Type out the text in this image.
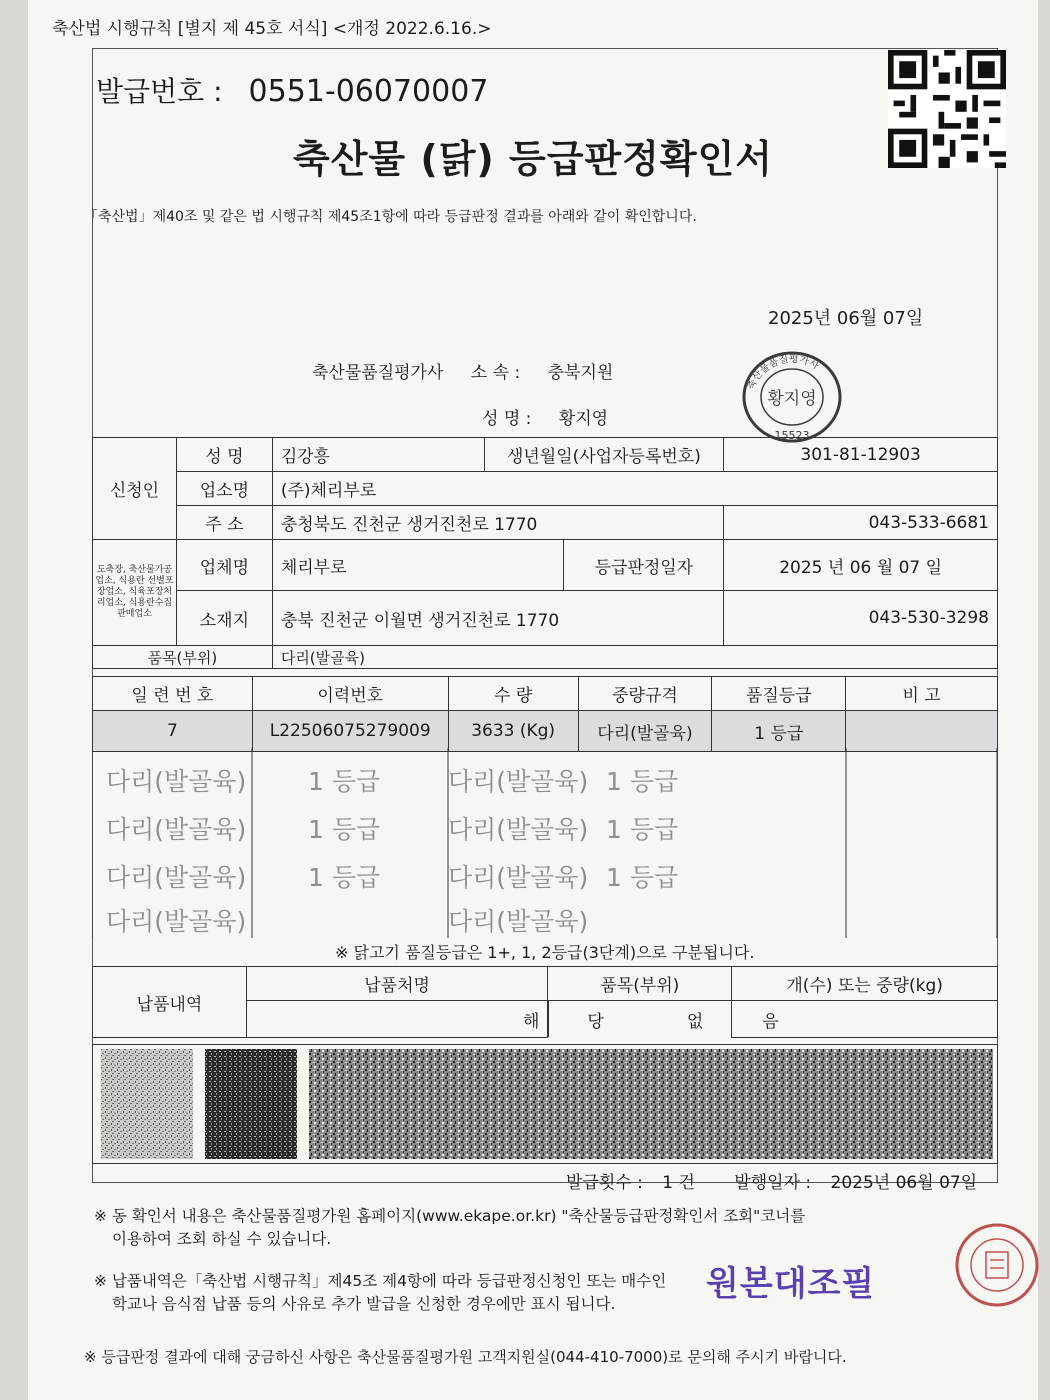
축산법 시행규칙 [별지 제 45호 서식] <개정 2022.6.16.>
발급번호 : 0551-06070007
축산물 (닭) 등급판정확인서
「축산법」제40조 및 같은 법 시행규칙 제45조1항에 따라 등급판정 결과를 아래와 같이 확인합니다.
2025년 06월 07일
축산물품질평가사 소 속 : 충북지원
성 명 : 황지영
축산물품질평가사
황지영
15523
신청인	성 명	김강흥	생년월일(사업자등록번호)		301-81-12903
	업소명	(주)체리부로			
	주 소	충청북도 진천군 생거진천로 1770			043-533-6681
도축장, 축산물가공업소, 식용란 선별포장업소, 식육포장처리업소, 식용란수집판매업소	업체명	체리부로		등급판정일자	2025 년 06 월 07 일
	소재지	충북 진천군 이월면 생거진천로 1770			043-530-3298
품목(부위)		다리(발골육)			
일 련 번 호	이력번호	수 량	중량규격	품질등급	비 고
7	L22506075279009	3633 (Kg)	다리(발골육)	1 등급	
다리(발골육) 1 등급	다리(발골육) 1 등급
다리(발골육) 1 등급	다리(발골육) 1 등급
다리(발골육) 1 등급	다리(발골육) 1 등급
다리(발골육)	다리(발골육)
※ 닭고기 품질등급은 1+, 1, 2등급(3단계)으로 구분됩니다.
납품내역	납품처명	품목(부위)	개(수) 또는 중량(kg)
	해		당	없	음
발급횟수 : 1 건 발행일자 : 2025년 06월 07일
※ 동 확인서 내용은 축산물품질평가원 홈페이지(www.ekape.or.kr) "축산물등급판정확인서 조회"코너를
이용하여 조회 하실 수 있습니다.
※ 납품내역은「축산법 시행규칙」제45조 제4항에 따라 등급판정신청인 또는 매수인
학교나 음식점 납품 등의 사유로 추가 발급을 신청한 경우에만 표시 됩니다.
※ 등급판정 결과에 대해 궁금하신 사항은 축산물품질평가원 고객지원실(044-410-7000)로 문의해 주시기 바랍니다.
원본대조필
